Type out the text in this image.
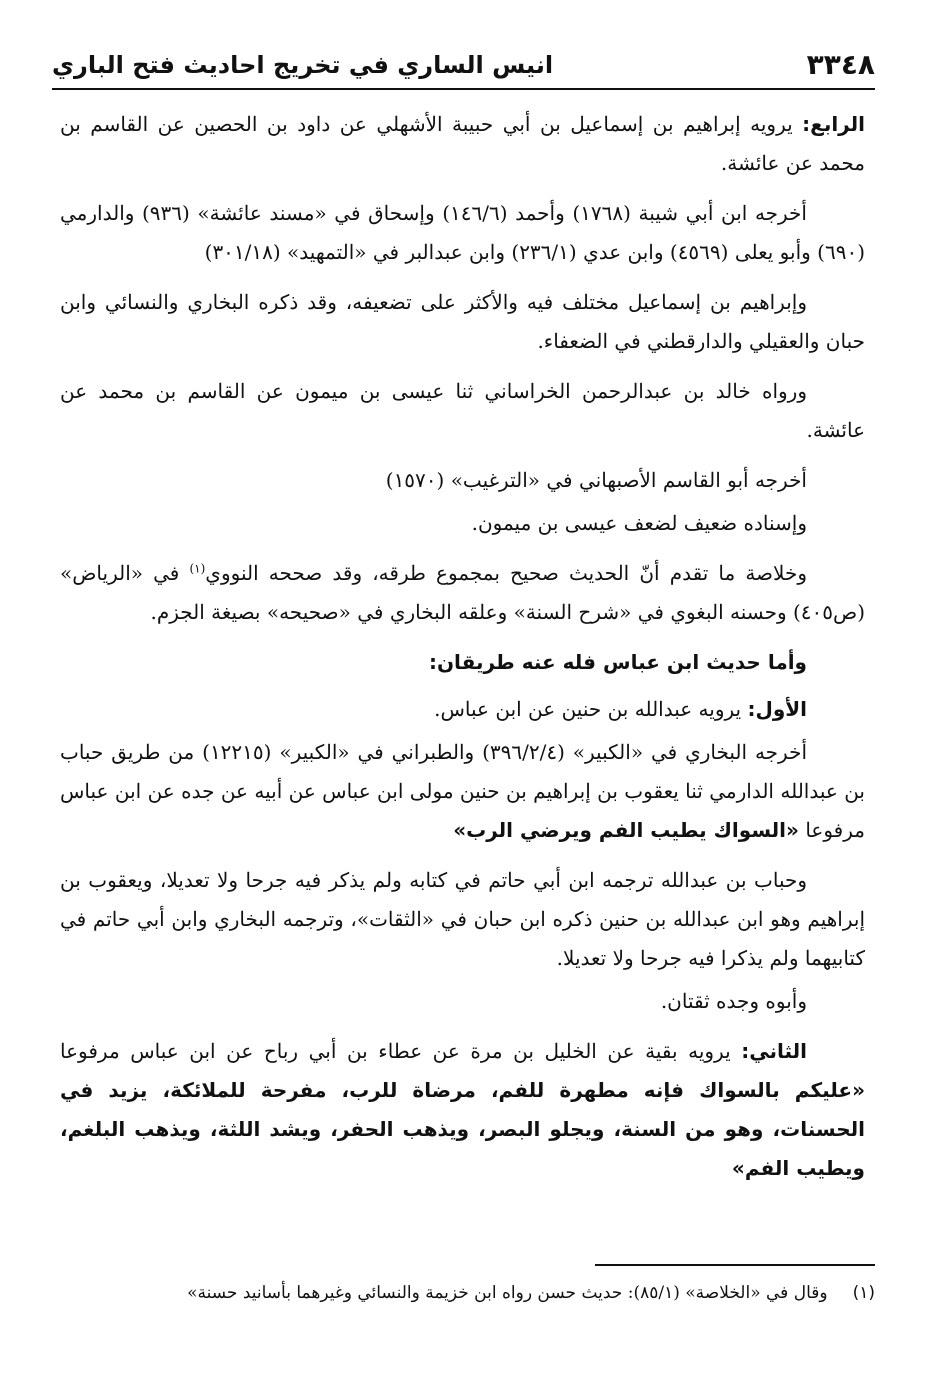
٣٣٤٨
انيس الساري في تخريج احاديث فتح الباري

الرابع: يرويه إبراهيم بن إسماعيل بن أبي حبيبة الأشهلي عن داود بن الحصين عن القاسم بن محمد عن عائشة.

أخرجه ابن أبي شيبة (١٧٦٨) وأحمد (١٤٦/٦) وإسحاق في «مسند عائشة» (٩٣٦) والدارمي (٦٩٠) وأبو يعلى (٤٥٦٩) وابن عدي (٢٣٦/١) وابن عبدالبر في «التمهيد» (٣٠١/١٨)

وإبراهيم بن إسماعيل مختلف فيه والأكثر على تضعيفه، وقد ذكره البخاري والنسائي وابن حبان والعقيلي والدارقطني في الضعفاء.

ورواه خالد بن عبدالرحمن الخراساني ثنا عيسى بن ميمون عن القاسم بن محمد عن عائشة.

أخرجه أبو القاسم الأصبهاني في «الترغيب» (١٥٧٠)

وإسناده ضعيف لضعف عيسى بن ميمون.

وخلاصة ما تقدم أنّ الحديث صحيح بمجموع طرقه، وقد صححه النووي$^{(١)}$ في «الرياض» (ص٤٠٥) وحسنه البغوي في «شرح السنة» وعلقه البخاري في «صحيحه» بصيغة الجزم.

وأما حديث ابن عباس فله عنه طريقان:

الأول: يرويه عبدالله بن حنين عن ابن عباس.

أخرجه البخاري في «الكبير» (٣٩٦/٢/٤) والطبراني في «الكبير» (١٢٢١٥) من طريق حباب بن عبدالله الدارمي ثنا يعقوب بن إبراهيم بن حنين مولى ابن عباس عن أبيه عن جده عن ابن عباس مرفوعا «السواك يطيب الفم ويرضي الرب»

وحباب بن عبدالله ترجمه ابن أبي حاتم في كتابه ولم يذكر فيه جرحا ولا تعديلا، ويعقوب بن إبراهيم وهو ابن عبدالله بن حنين ذكره ابن حبان في «الثقات»، وترجمه البخاري وابن أبي حاتم في كتابيهما ولم يذكرا فيه جرحا ولا تعديلا.

وأبوه وجده ثقتان.

الثاني: يرويه بقية عن الخليل بن مرة عن عطاء بن أبي رباح عن ابن عباس مرفوعا «عليكم بالسواك فإنه مطهرة للفم، مرضاة للرب، مفرحة للملائكة، يزيد في الحسنات، وهو من السنة، ويجلو البصر، ويذهب الحفر، ويشد اللثة، ويذهب البلغم، ويطيب الفم»

(١) وقال في «الخلاصة» (٨٥/١): حديث حسن رواه ابن خزيمة والنسائي وغيرهما بأسانيد حسنة»
